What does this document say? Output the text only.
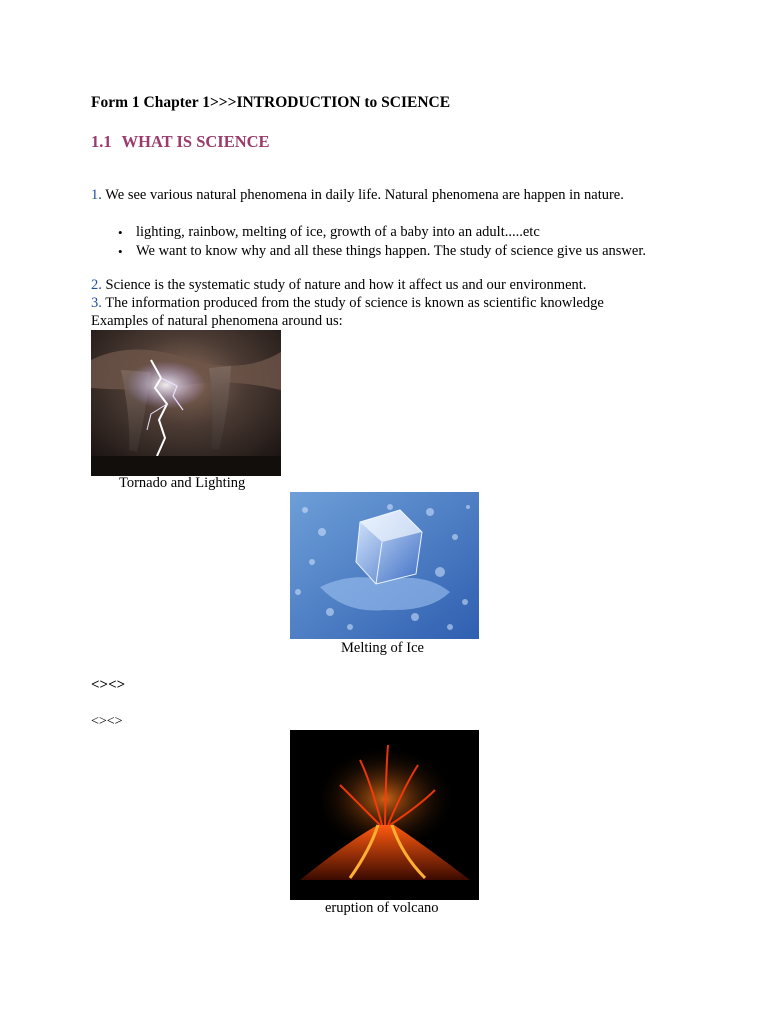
Form 1 Chapter 1>>>INTRODUCTION to SCIENCE
1.1 WHAT IS SCIENCE
1. We see various natural phenomena in daily life. Natural phenomena are happen in nature.
• lighting, rainbow, melting of ice, growth of a baby into an adult.....etc
• We want to know why and all these things happen. The study of science give us answer.
2. Science is the systematic study of nature and how it affect us and our environment.
3. The information produced from the study of science is known as scientific knowledge
Examples of natural phenomena around us:
Tornado and Lighting
Melting of Ice
<><>
<><>
eruption of volcano
